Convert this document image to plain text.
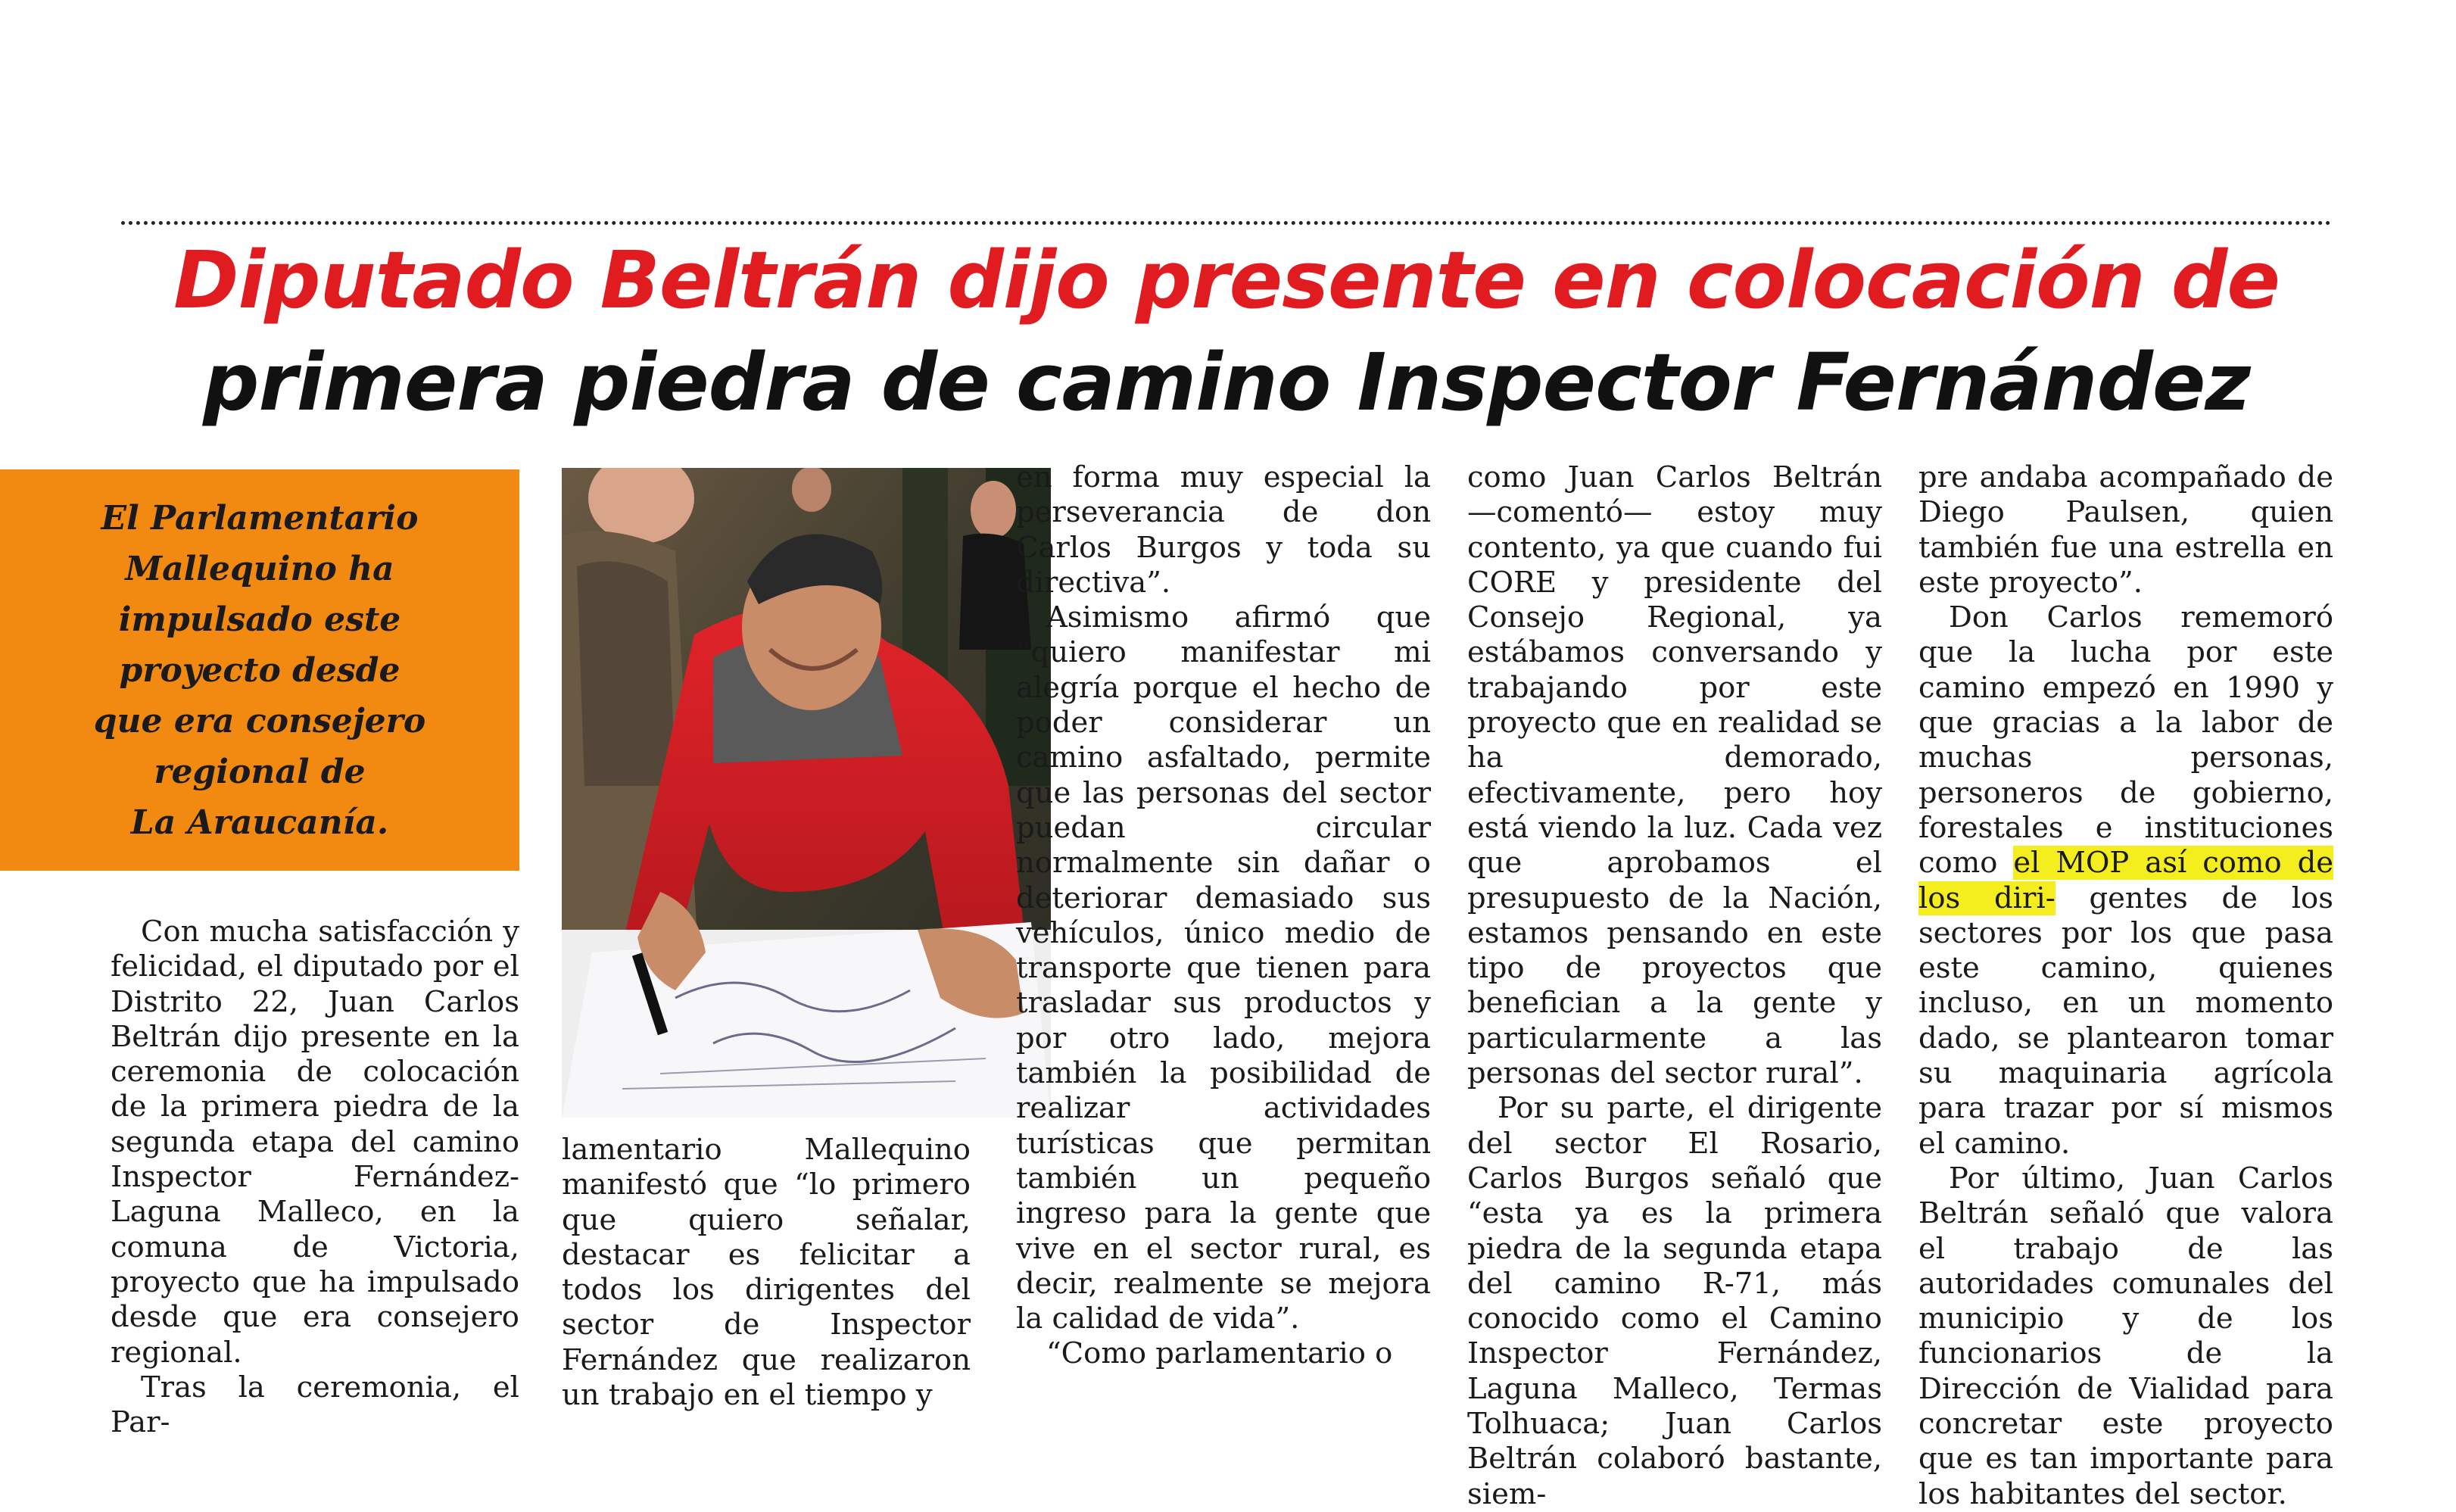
Diputado Beltrán dijo presente en colocación de
primera piedra de camino Inspector Fernández

El Parlamentario
Mallequino ha
impulsado este
proyecto desde
que era consejero
regional de
La Araucanía.

Con mucha satisfacción y felicidad, el diputado por el Distrito 22, Juan Carlos Beltrán dijo presente en la ceremonia de colocación de la primera piedra de la segunda etapa del camino Inspector Fernández-Laguna Malleco, en la comuna de Victoria, proyecto que ha impulsado desde que era consejero regional.

Tras la ceremonia, el Par-

lamentario Mallequino manifestó que “lo primero que quiero señalar, destacar es felicitar a todos los dirigentes del sector de Inspector Fernández que realizaron un trabajo en el tiempo y

en forma muy especial la perseverancia de don Carlos Burgos y toda su directiva”.

Asimismo afirmó que “quiero manifestar mi alegría porque el hecho de poder considerar un camino asfaltado, permite que las personas del sector puedan circular normalmente sin dañar o deteriorar demasiado sus vehículos, único medio de transporte que tienen para trasladar sus productos y por otro lado, mejora también la posibilidad de realizar actividades turísticas que permitan también un pequeño ingreso para la gente que vive en el sector rural, es decir, realmente se mejora la calidad de vida”.

“Como parlamentario o

como Juan Carlos Beltrán —comentó— estoy muy contento, ya que cuando fui CORE y presidente del Consejo Regional, ya estábamos conversando y trabajando por este proyecto que en realidad se ha demorado, efectivamente, pero hoy está viendo la luz. Cada vez que aprobamos el presupuesto de la Nación, estamos pensando en este tipo de proyectos que benefician a la gente y particularmente a las personas del sector rural”.

Por su parte, el dirigente del sector El Rosario, Carlos Burgos señaló que “esta ya es la primera piedra de la segunda etapa del camino R-71, más conocido como el Camino Inspector Fernández, Laguna Malleco, Termas Tolhuaca; Juan Carlos Beltrán colaboró bastante, siem-

pre andaba acompañado de Diego Paulsen, quien también fue una estrella en este proyecto”.

Don Carlos rememoró que la lucha por este camino empezó en 1990 y que gracias a la labor de muchas personas, personeros de gobierno, forestales e instituciones como el MOP así como de los diri- gentes de los sectores por los que pasa este camino, quienes incluso, en un momento dado, se plantearon tomar su maquinaria agrícola para trazar por sí mismos el camino.

Por último, Juan Carlos Beltrán señaló que valora el trabajo de las autoridades comunales del municipio y de los funcionarios de la Dirección de Vialidad para concretar este proyecto que es tan importante para los habitantes del sector.
